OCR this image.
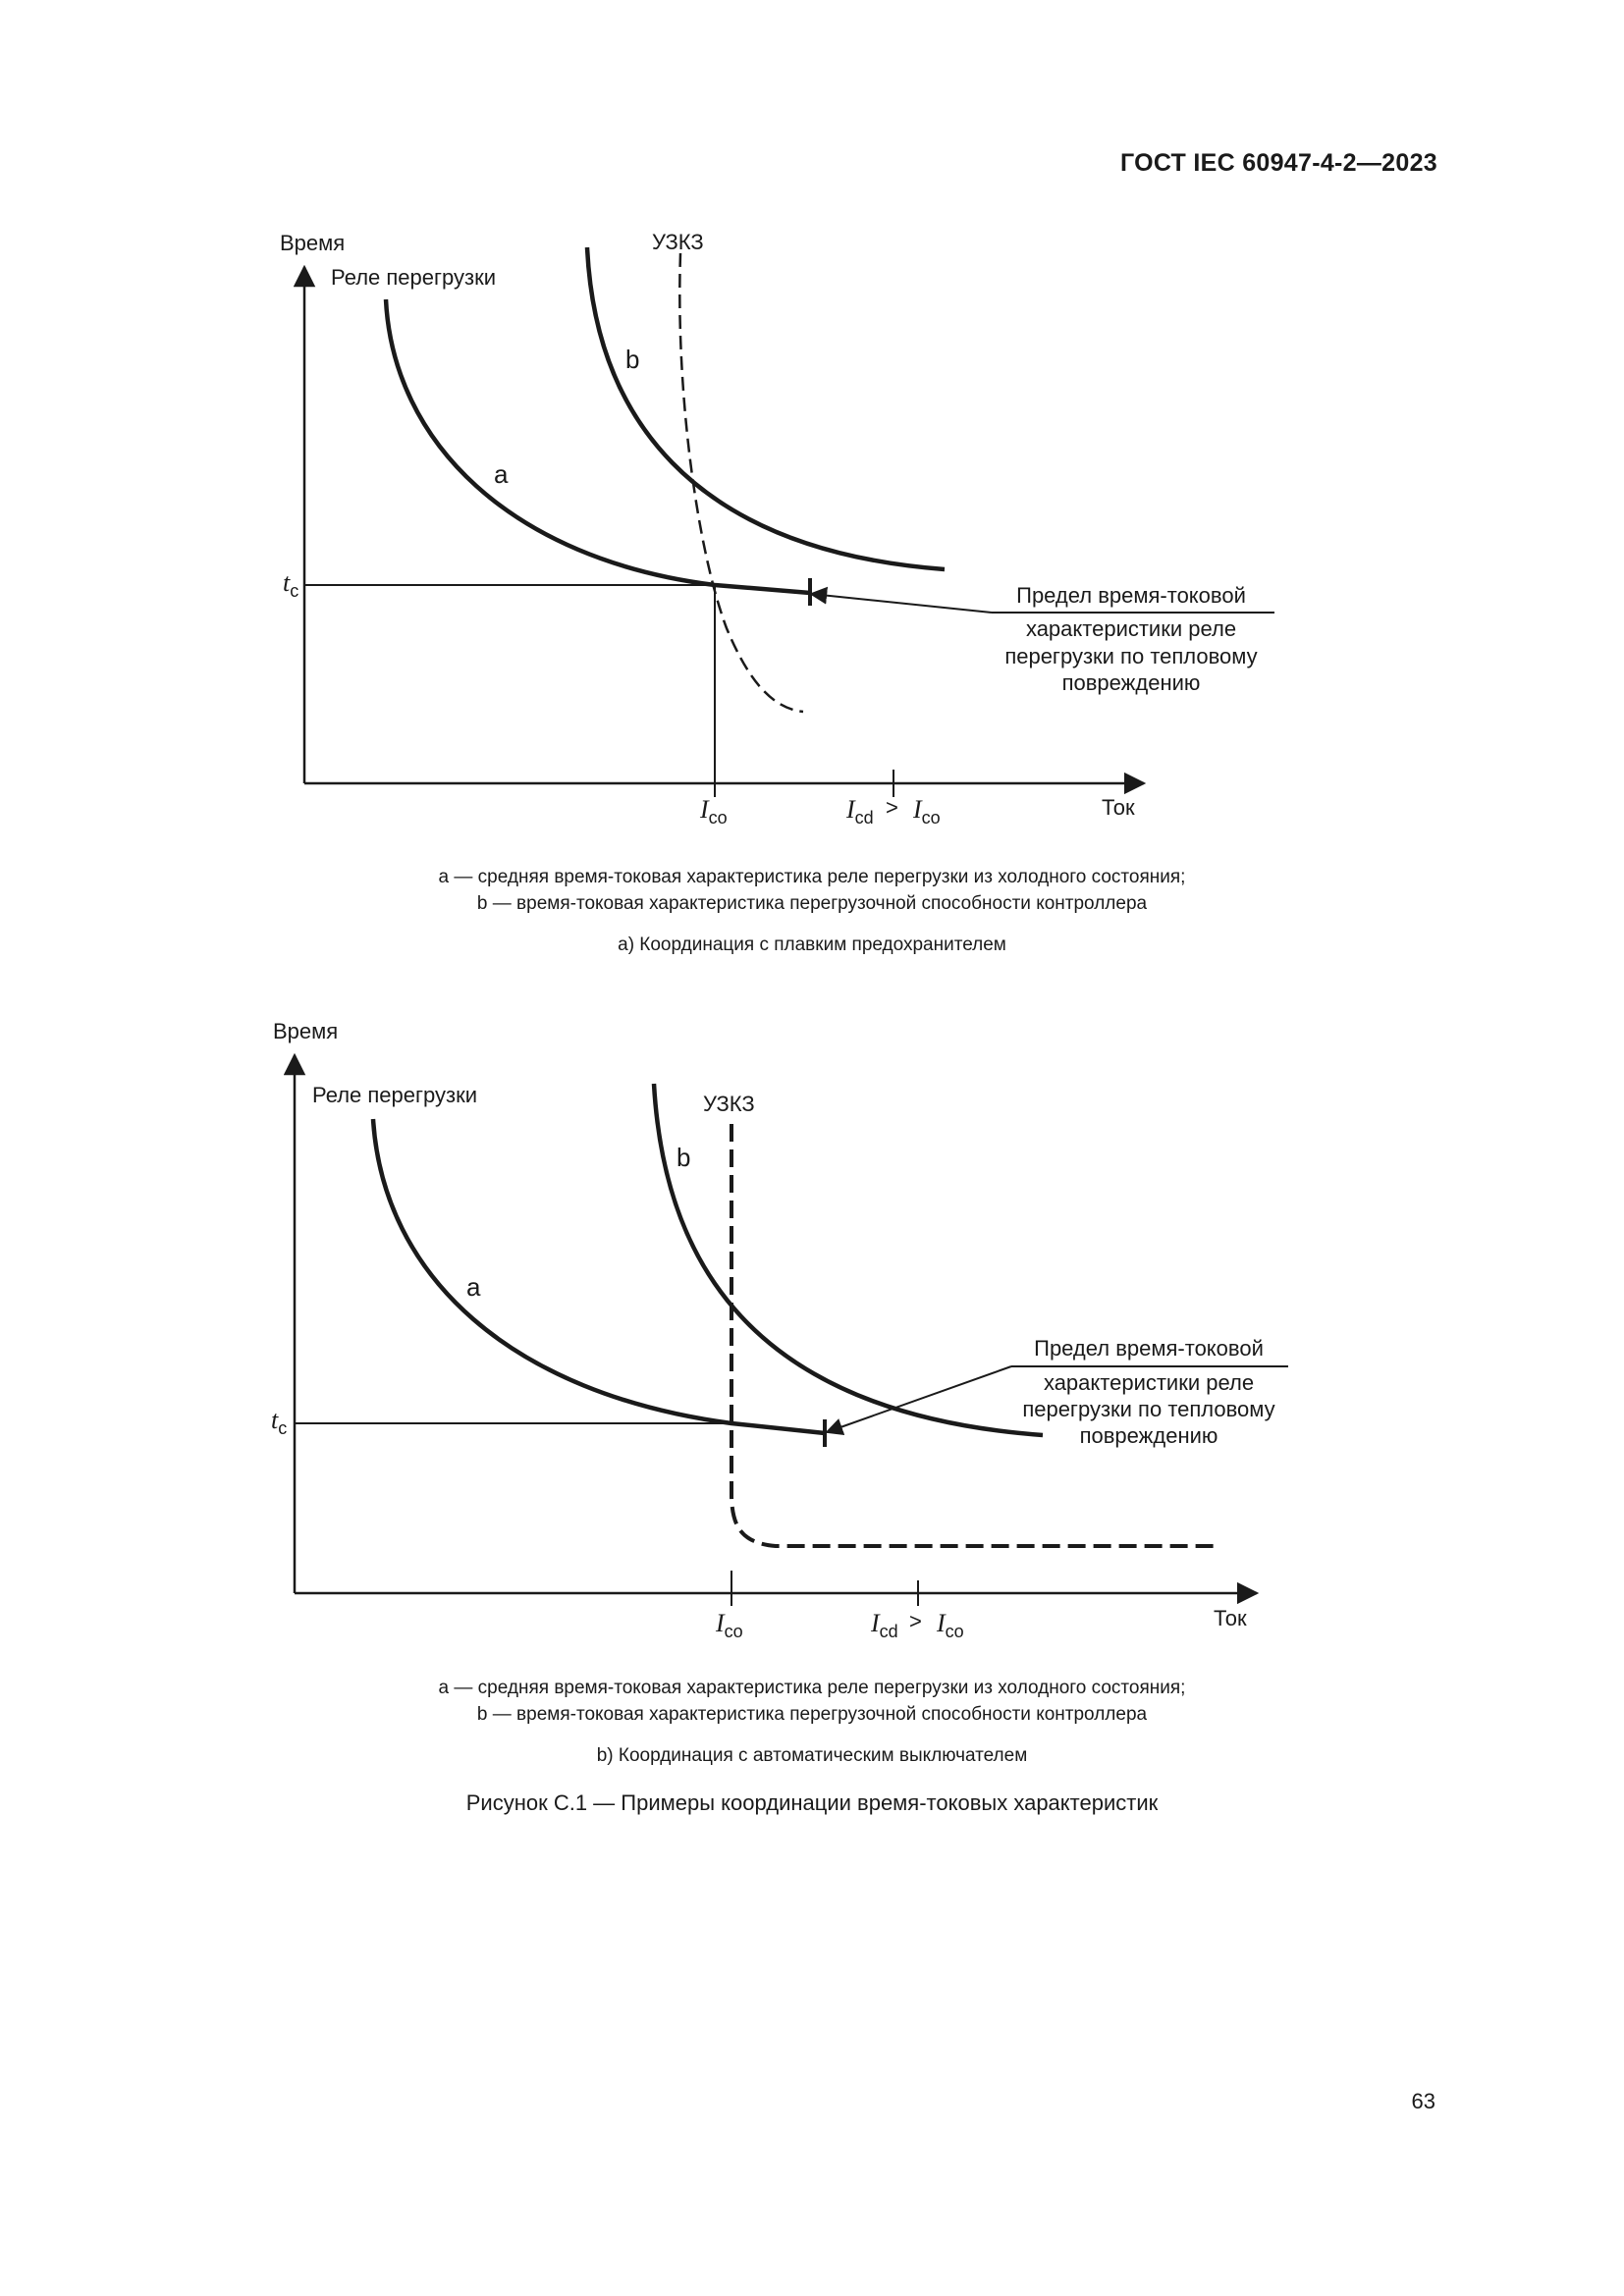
ГОСТ IEC 60947-4-2—2023
Время
Реле перегрузки
УЗКЗ
a
b
Ток
tc
Ico	Icd > Ico
Предел время-токовой
характеристики реле
перегрузки по тепловому
повреждению
Время
Реле перегрузки	УЗКЗ
a
b
Ток
tc
Ico	Icd > Ico
Предел время-токовой
характеристики реле
перегрузки по тепловому
повреждению
a — средняя время-токовая характеристика реле перегрузки из холодного состояния;
b — время-токовая характеристика перегрузочной способности контроллера
a) Координация с плавким предохранителем
a — средняя время-токовая характеристика реле перегрузки из холодного состояния;
b — время-токовая характеристика перегрузочной способности контроллера
b) Координация с автоматическим выключателем
Рисунок C.1 — Примеры координации время-токовых характеристик
63
